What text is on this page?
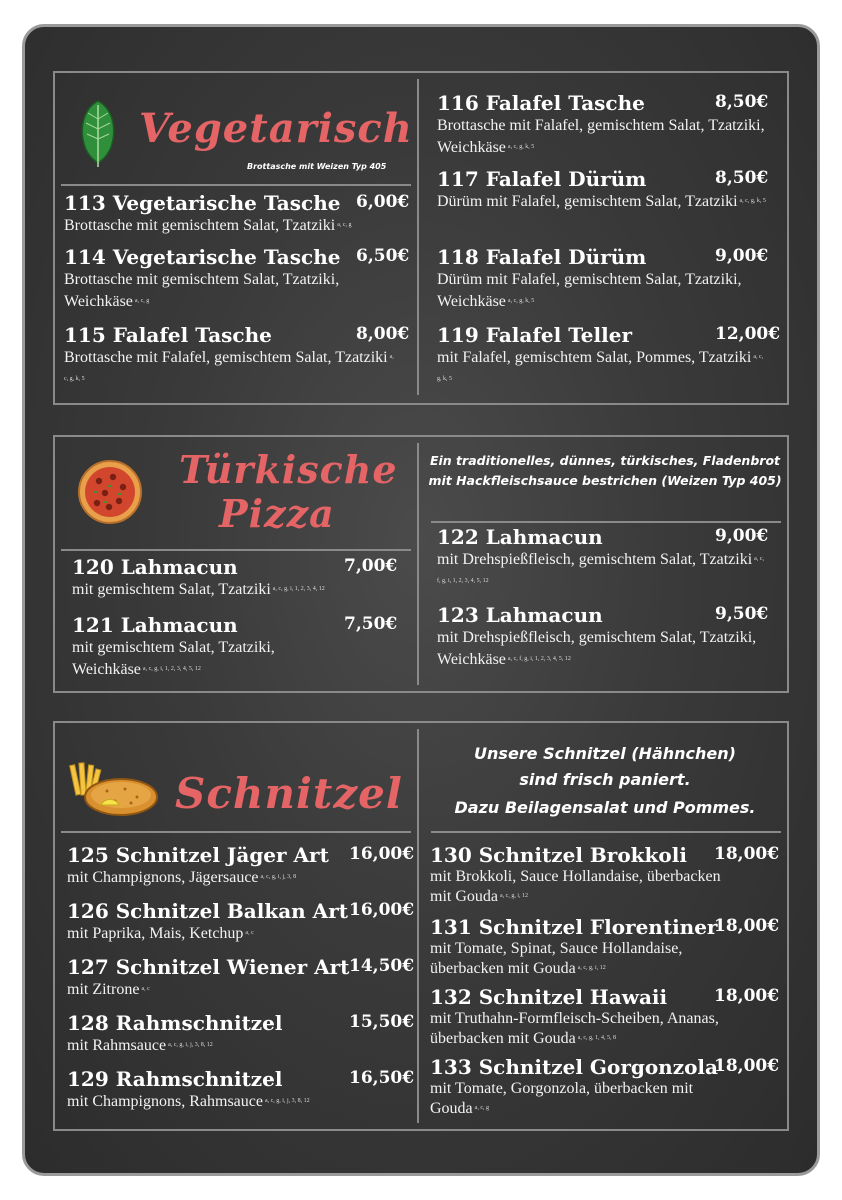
Vegetarisch
Brottasche mit Weizen Typ 405
113 Vegetarische Tasche 6,00€
Brottasche mit gemischtem Salat, Tzatziki $^{a, c, g}$
114 Vegetarische Tasche 6,50€
Brottasche mit gemischtem Salat, Tzatziki, Weichkäse $^{a, c, g}$
115 Falafel Tasche	8,00€
Brottasche mit Falafel, gemischtem Salat, Tzatziki $^{a, c, g, k, 5}$
116 Falafel Tasche	8,50€
Brottasche mit Falafel, gemischtem Salat, Tzatziki, Weichkäse $^{a, c, g, k, 5}$
117 Falafel Dürüm	8,50€
Dürüm mit Falafel, gemischtem Salat, Tzatziki $^{a, c, g, k, 5}$
118 Falafel Dürüm	9,00€
Dürüm mit Falafel, gemischtem Salat, Tzatziki, Weichkäse $^{a, c, g, k, 5}$
119 Falafel Teller	12,00€
mit Falafel, gemischtem Salat, Pommes, Tzatziki $^{a, c, g, k, 5}$
Türkische
Pizza
Ein traditionelles, dünnes, türkisches, Fladenbrot mit Hackfleischsauce bestrichen (Weizen Typ 405)
120 Lahmacun	7,00€
mit gemischtem Salat, Tzatziki $^{a, c, g, i, 1, 2, 3, 4, 12}$
121 Lahmacun	7,50€
mit gemischtem Salat, Tzatziki, Weichkäse $^{a, c, g, i, 1, 2, 3, 4, 5, 12}$
122 Lahmacun	9,00€
mit Drehspießfleisch, gemischtem Salat, Tzatziki $^{a, c, f, g, i, 1, 2, 3, 4, 5, 12}$
123 Lahmacun	9,50€
mit Drehspießfleisch, gemischtem Salat, Tzatziki, Weichkäse $^{a, c, f, g, i, 1, 2, 3, 4, 5, 12}$
Schnitzel
Unsere Schnitzel (Hähnchen)
sind frisch paniert.
Dazu Beilagensalat und Pommes.
125 Schnitzel Jäger Art	16,00€
mit Champignons, Jägersauce $^{a, c, g, i, j, 3, 8}$
126 Schnitzel Balkan Art 16,00€
mit Paprika, Mais, Ketchup $^{a, c}$
127 Schnitzel Wiener Art 14,50€
mit Zitrone $^{a, c}$
128 Rahmschnitzel	15,50€
mit Rahmsauce $^{a, c, g, i, j, 3, 8, 12}$
129 Rahmschnitzel	16,50€
mit Champignons, Rahmsauce $^{a, c, g, i, j, 3, 8, 12}$
130 Schnitzel Brokkoli	18,00€
mit Brokkoli, Sauce Hollandaise, überbacken mit Gouda $^{a, c, g, i, 12}$
131 Schnitzel Florentiner
18,00€
mit Tomate, Spinat, Sauce Hollandaise, überbacken mit Gouda $^{a, c, g, i, 12}$
132 Schnitzel Hawaii	18,00€
mit Truthahn-Formfleisch-Scheiben, Ananas, überbacken mit Gouda $^{a, c, g, 1, 4, 5, 8}$
133 Schnitzel Gorgonzola
18,00€
mit Tomate, Gorgonzola, überbacken mit Gouda $^{a, c, g}$
